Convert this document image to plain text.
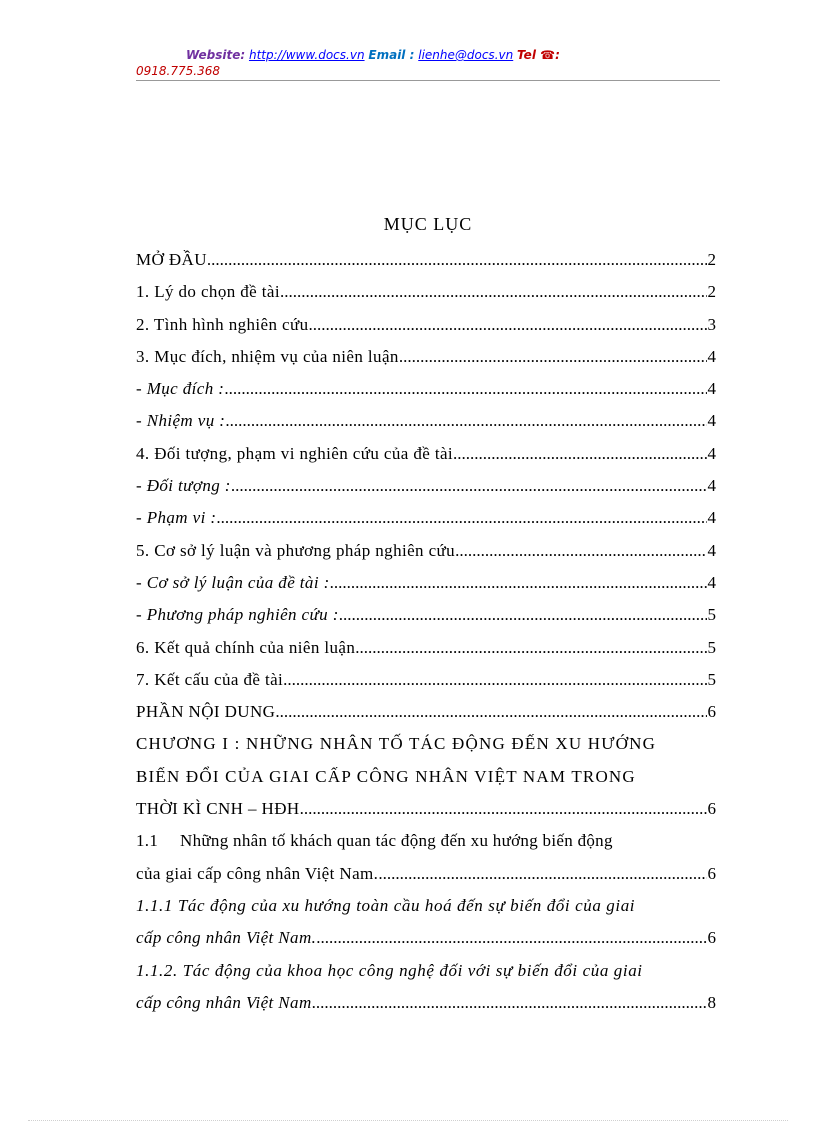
Website: http://www.docs.vn Email : lienhe@docs.vn Tel ☎:
0918.775.368
MỤC LỤC
MỞ ĐẦU .....	2
1. Lý do chọn đề tài .....	2
2. Tình hình nghiên cứu .....	3
3. Mục đích, nhiệm vụ của niên luận .....	4
- Mục đích : .....	4
- Nhiệm vụ : .....	4
4. Đối tượng, phạm vi nghiên cứu của đề tài .....	4
- Đối tượng : .....	4
- Phạm vi : .....	4
5. Cơ sở lý luận và phương pháp nghiên cứu .....	4
- Cơ sở lý luận của đề tài : .....	4
- Phương pháp nghiên cứu : .....	5
6. Kết quả chính của niên luận .....	5
7. Kết cấu của đề tài .....	5
PHẦN NỘI DUNG .....	6
CHƯƠNG I : NHỮNG NHÂN TỐ TÁC ĐỘNG ĐẾN XU HƯỚNG
BIẾN ĐỔI CỦA GIAI CẤP CÔNG NHÂN VIỆT NAM TRONG
THỜI KÌ CNH – HĐH .....	6
1.1 Những nhân tố khách quan tác động đến xu hướng biến động
của giai cấp công nhân Việt Nam. .....	6
1.1.1 Tác động của xu hướng toàn cầu hoá đến sự biến đổi của giai
cấp công nhân Việt Nam. .....	6
1.1.2. Tác động của khoa học công nghệ đối với sự biến đổi của giai
cấp công nhân Việt Nam .....	8
